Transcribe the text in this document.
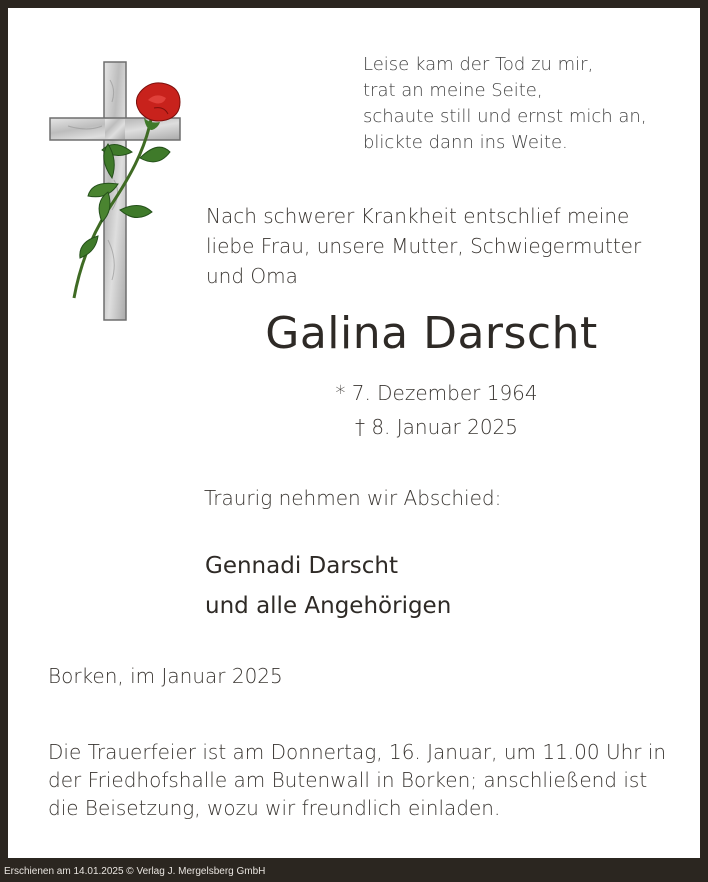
Leise kam der Tod zu mir,
trat an meine Seite,
schaute still und ernst mich an,
blickte dann ins Weite.
Nach schwerer Krankheit entschlief meine
liebe Frau, unsere Mutter, Schwiegermutter
und Oma
Galina Darscht
* 7. Dezember 1964
† 8. Januar 2025
Traurig nehmen wir Abschied:
Gennadi Darscht
und alle Angehörigen
Borken, im Januar 2025
Die Trauerfeier ist am Donnertag, 16. Januar, um 11.00 Uhr in
der Friedhofshalle am Butenwall in Borken; anschließend ist
die Beisetzung, wozu wir freundlich einladen.
Erschienen am 14.01.2025 © Verlag J. Mergelsberg GmbH
